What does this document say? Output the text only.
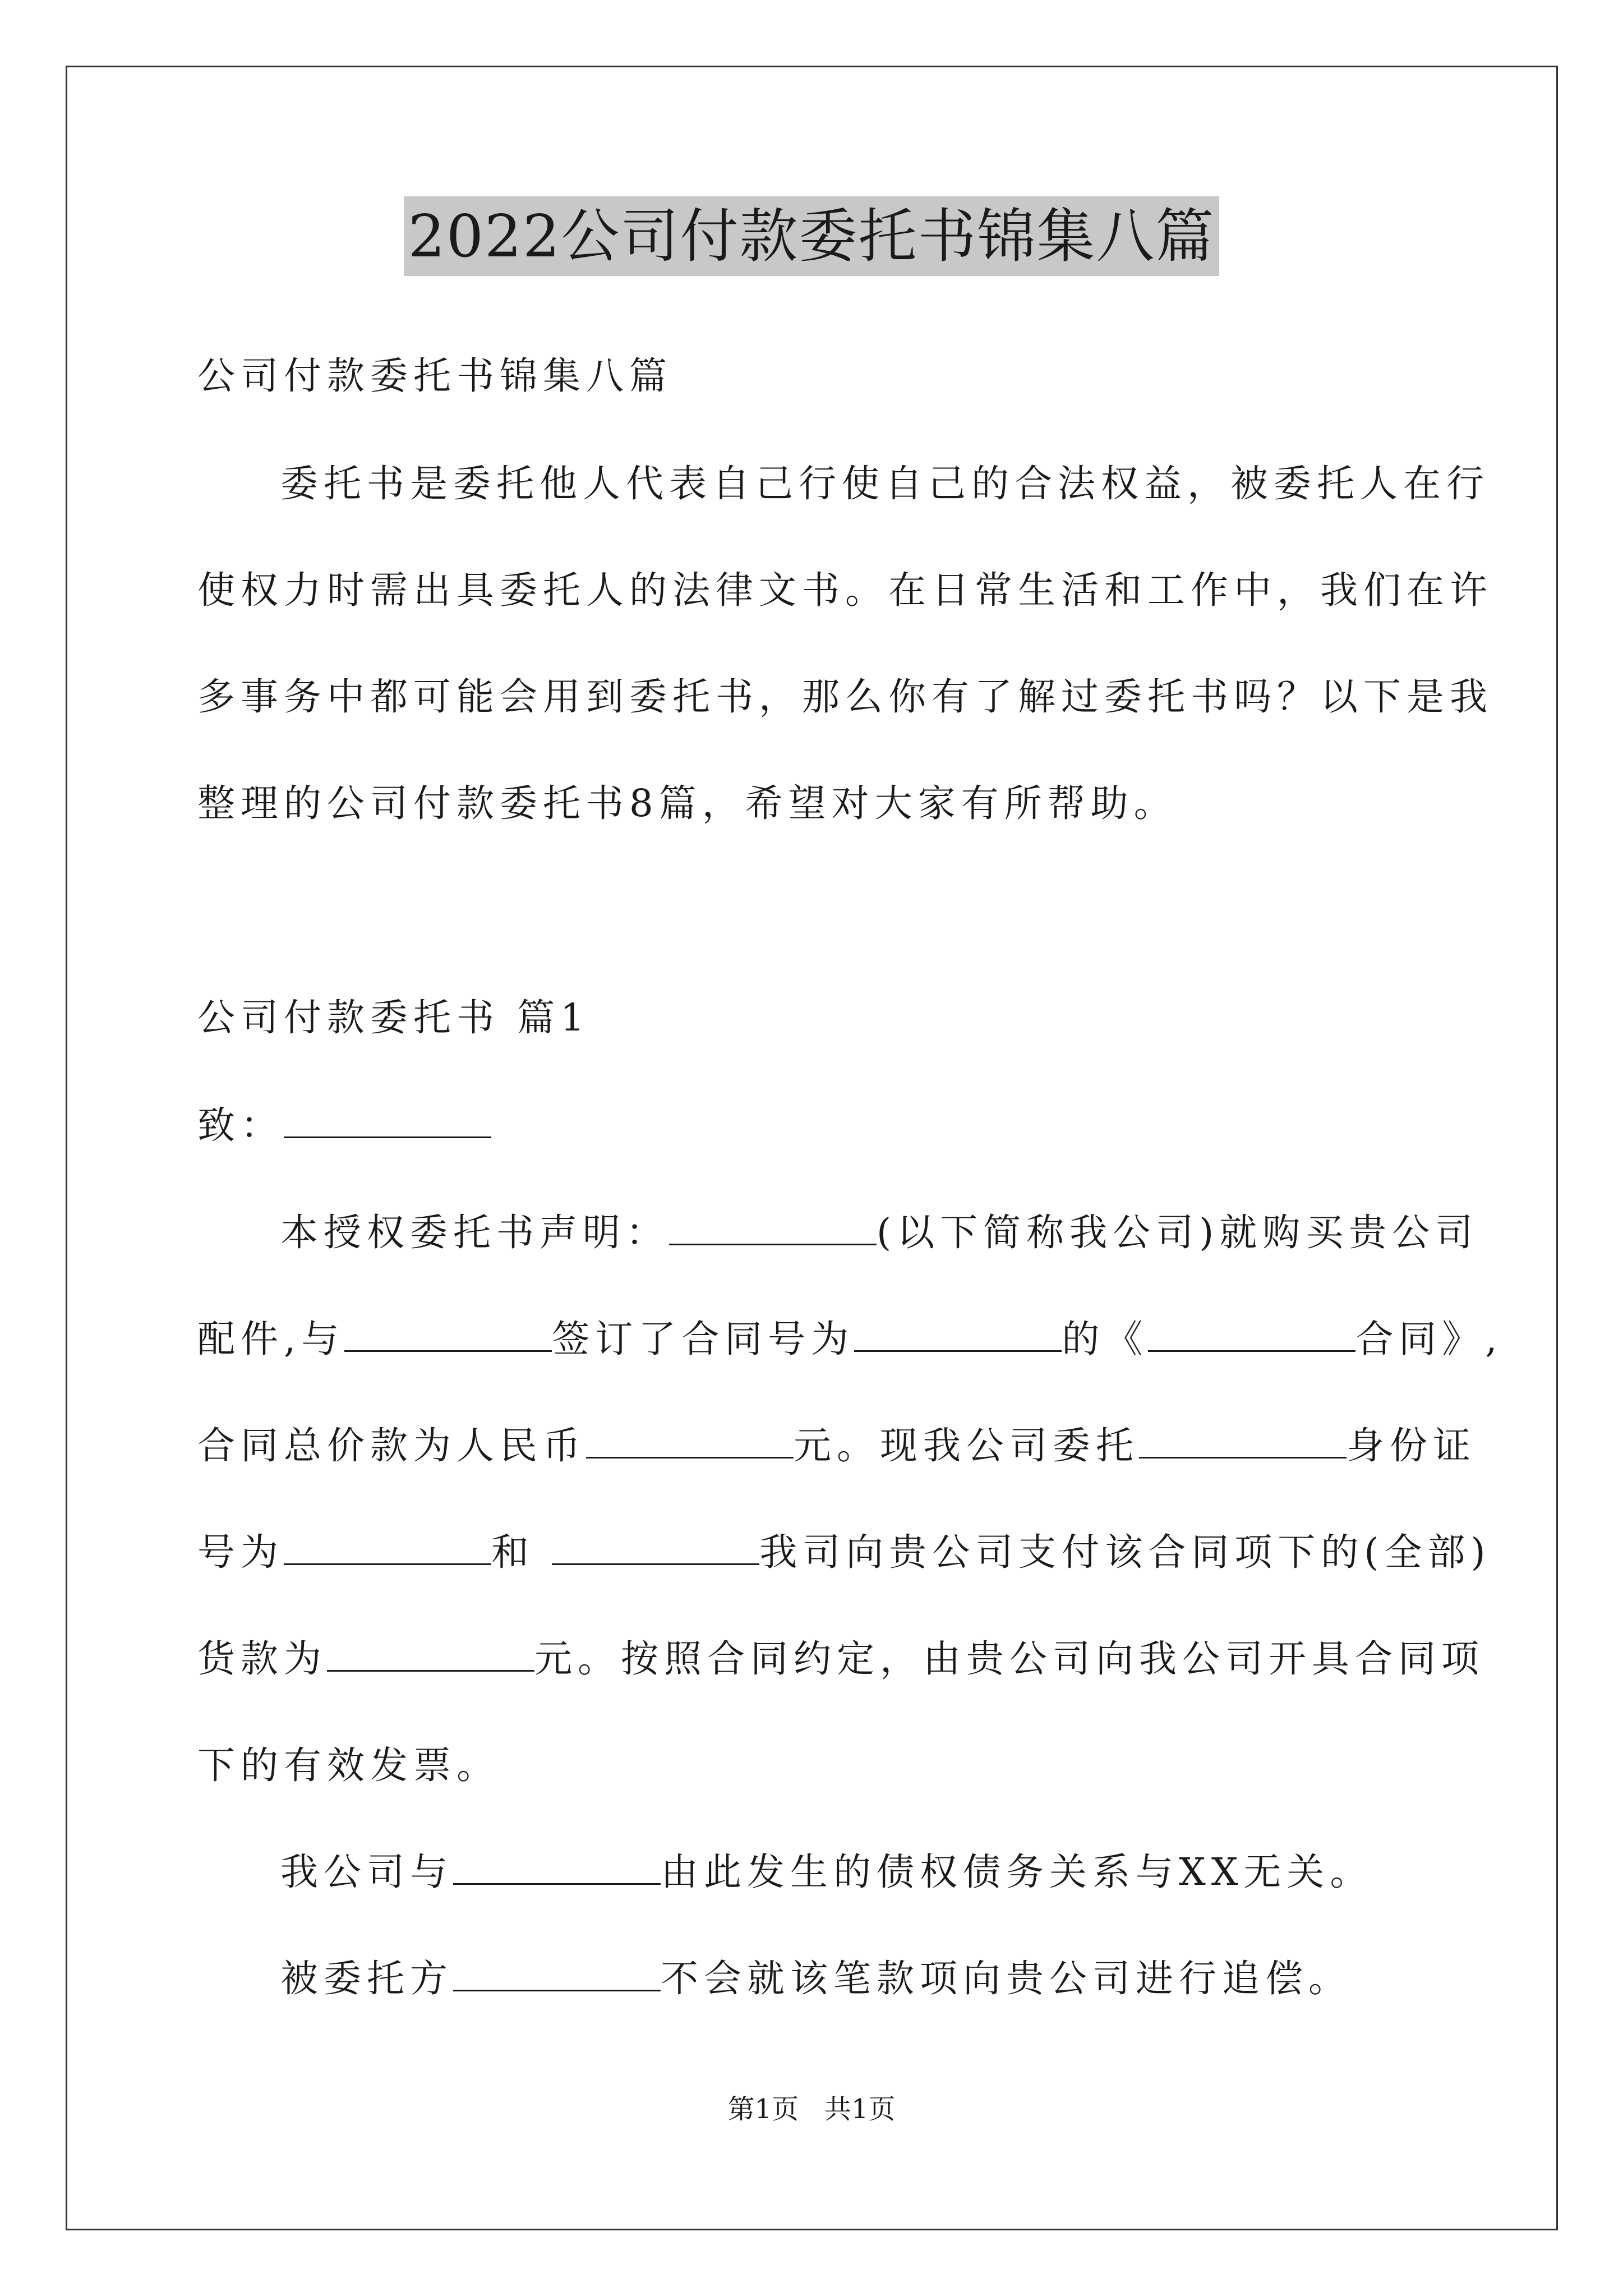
2022公司付款委托书锦集八篇
公司付款委托书锦集八篇
委托书是委托他人代表自己行使自己的合法权益，被委托人在行
使权力时需出具委托人的法律文书。在日常生活和工作中，我们在许
多事务中都可能会用到委托书，那么你有了解过委托书吗？以下是我
整理的公司付款委托书8篇，希望对大家有所帮助。
公司付款委托书 篇1
致：
本授权委托书声明：	(以下简称我公司)就购买贵公司
配件,与	签订了合同号为	的《	合同》,
合同总价款为人民币	元。现我公司委托	身份证
号为	和	我司向贵公司支付该合同项下的(全部)
货款为	元。按照合同约定，由贵公司向我公司开具合同项
下的有效发票。
我公司与	由此发生的债权债务关系与XX无关。
被委托方	不会就该笔款项向贵公司进行追偿。
第1页   共1页
